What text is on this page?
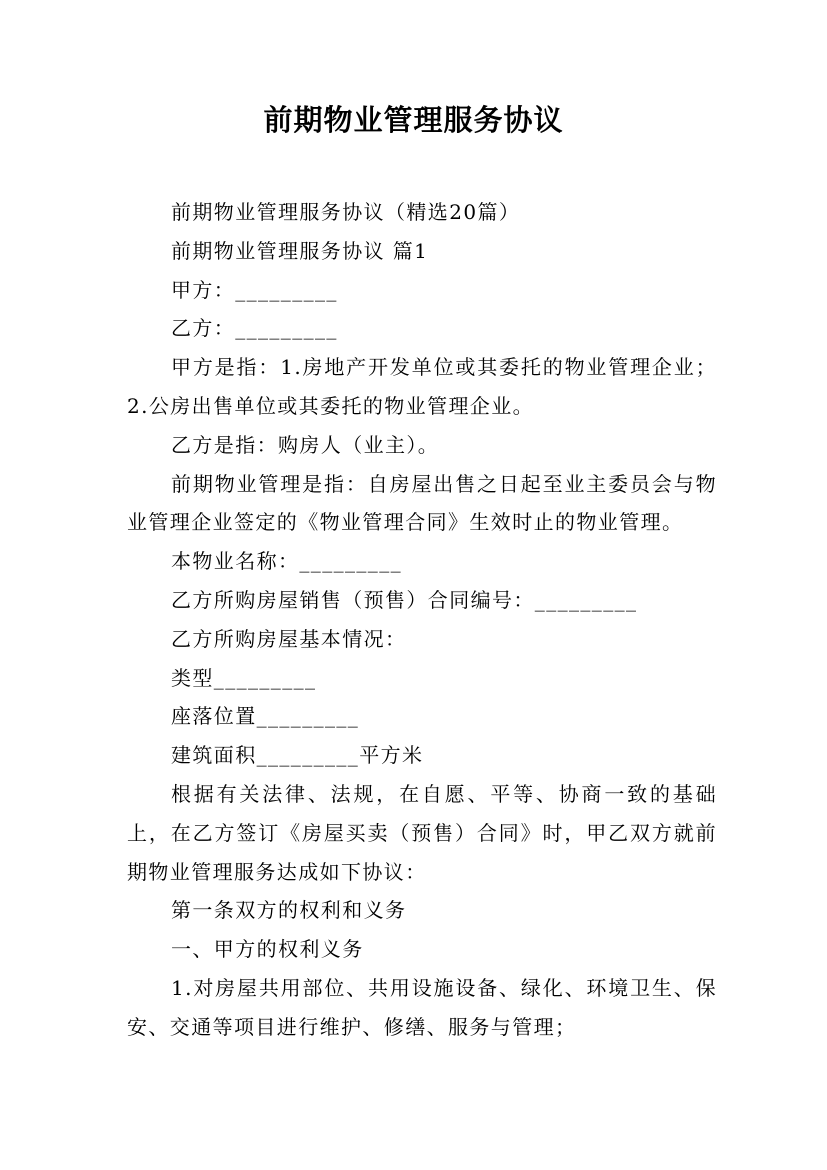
前期物业管理服务协议

前期物业管理服务协议（精选20篇）

前期物业管理服务协议 篇1

甲方：_________

乙方：_________

甲方是指：1.房地产开发单位或其委托的物业管理企业；2.公房出售单位或其委托的物业管理企业。

乙方是指：购房人（业主）。

前期物业管理是指：自房屋出售之日起至业主委员会与物业管理企业签定的《物业管理合同》生效时止的物业管理。

本物业名称：_________

乙方所购房屋销售（预售）合同编号：_________

乙方所购房屋基本情况：

类型_________

座落位置_________

建筑面积_________平方米

根据有关法律、法规，在自愿、平等、协商一致的基础上，在乙方签订《房屋买卖（预售）合同》时，甲乙双方就前期物业管理服务达成如下协议：

第一条双方的权利和义务

一、甲方的权利义务

1.对房屋共用部位、共用设施设备、绿化、环境卫生、保安、交通等项目进行维护、修缮、服务与管理；
